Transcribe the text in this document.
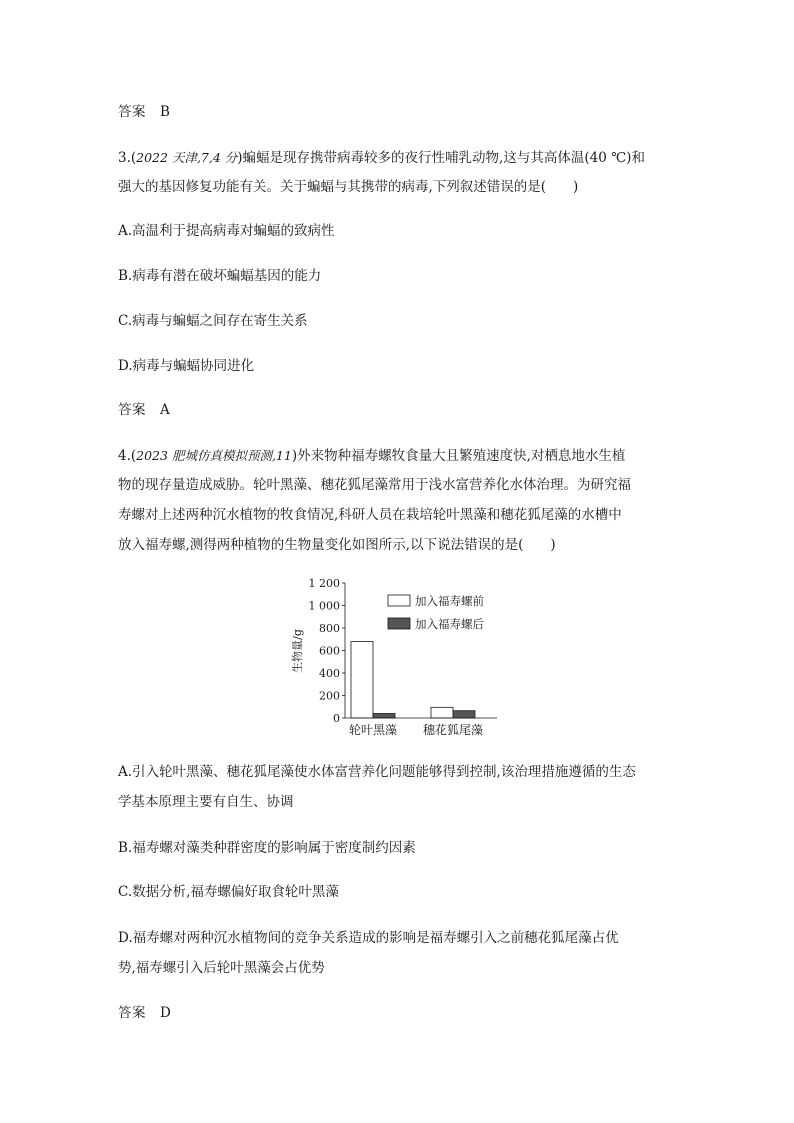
答案 B
3.(2022 天津,7,4 分)蝙蝠是现存携带病毒较多的夜行性哺乳动物,这与其高体温(40 ℃)和
强大的基因修复功能有关。关于蝙蝠与其携带的病毒,下列叙述错误的是(　　)
A.高温利于提高病毒对蝙蝠的致病性
B.病毒有潜在破坏蝙蝠基因的能力
C.病毒与蝙蝠之间存在寄生关系
D.病毒与蝙蝠协同进化
答案 A
4.(2023 肥城仿真模拟预测,11)外来物种福寿螺牧食量大且繁殖速度快,对栖息地水生植
物的现存量造成威胁。轮叶黑藻、穗花狐尾藻常用于浅水富营养化水体治理。为研究福
寿螺对上述两种沉水植物的牧食情况,科研人员在栽培轮叶黑藻和穗花狐尾藻的水槽中
放入福寿螺,测得两种植物的生物量变化如图所示,以下说法错误的是(　　)
0
200
400
600
800
1 000
1 200
轮叶黑藻 穗花狐尾藻
生物量/g
加入福寿螺前
加入福寿螺后
A.引入轮叶黑藻、穗花狐尾藻使水体富营养化问题能够得到控制,该治理措施遵循的生态
学基本原理主要有自生、协调
B.福寿螺对藻类种群密度的影响属于密度制约因素
C.数据分析,福寿螺偏好取食轮叶黑藻
D.福寿螺对两种沉水植物间的竞争关系造成的影响是福寿螺引入之前穗花狐尾藻占优
势,福寿螺引入后轮叶黑藻会占优势
答案 D
